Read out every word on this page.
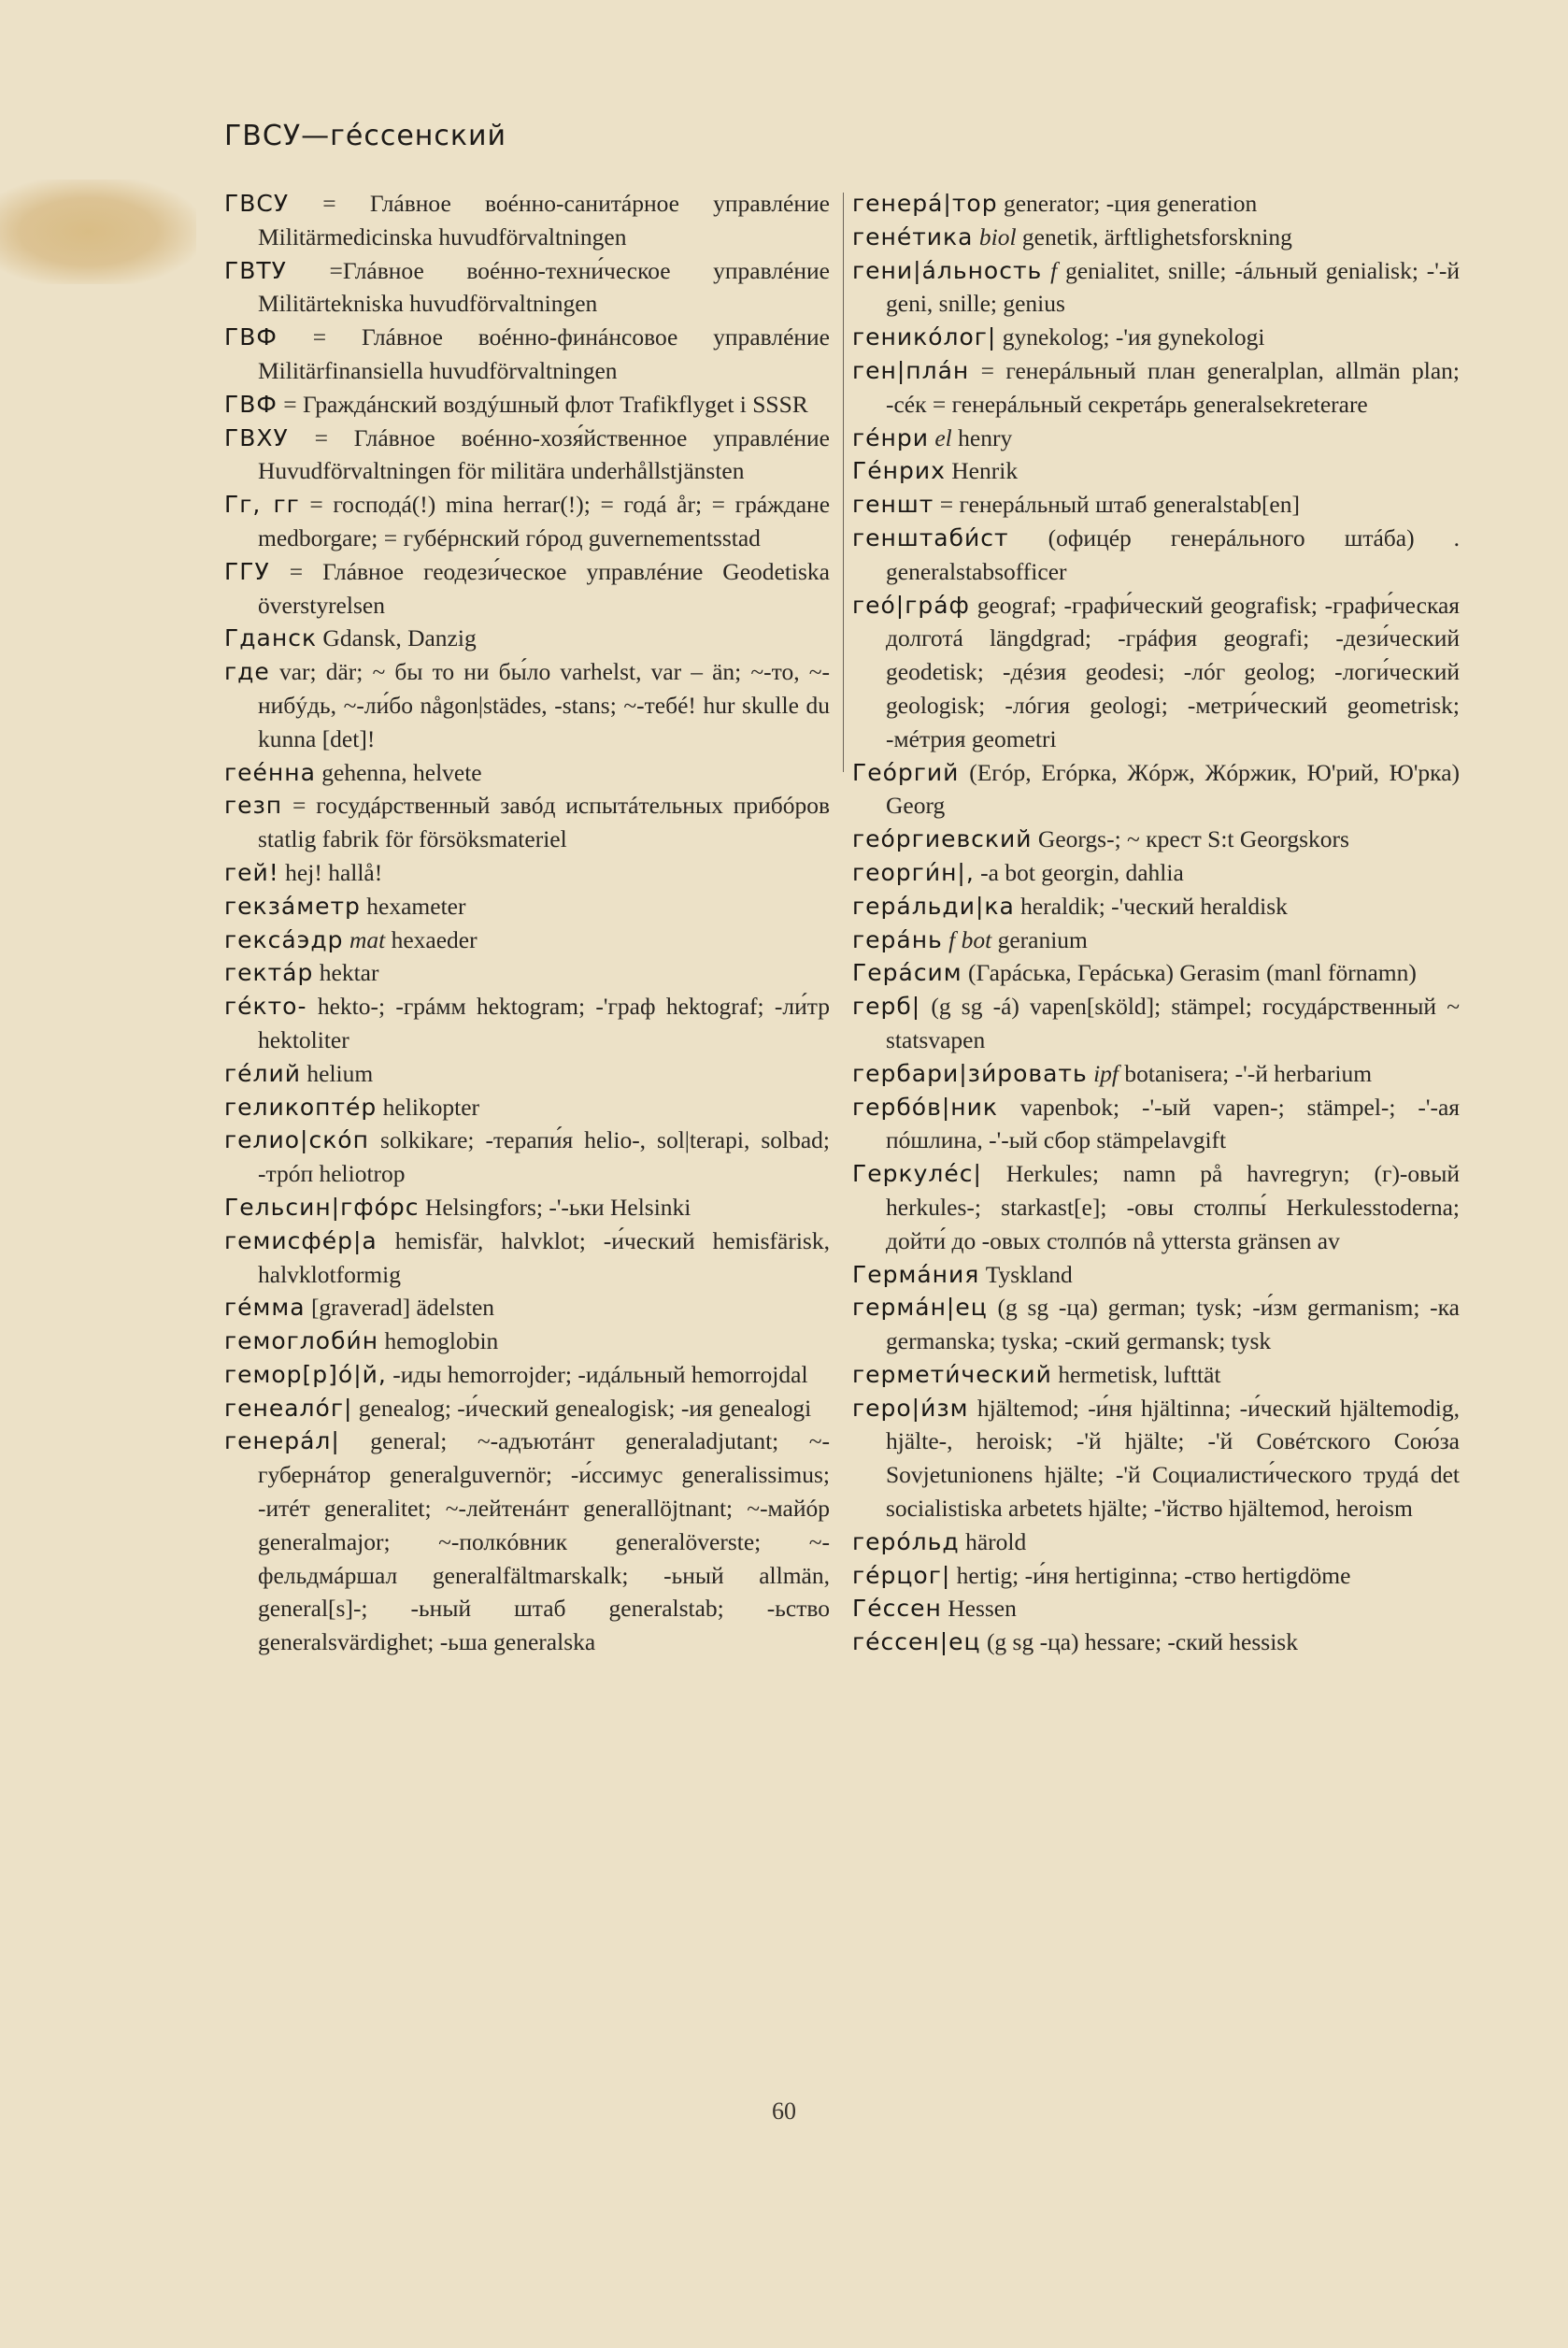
ГВСУ—гéссенский
ГВСУ = Глáвное воéнно-санитáрное управлéние Militärmedicinska huvudförvaltningen
ГВТУ =Глáвное воéнно-техни́ческое управлéние Militärtekniska huvudförvaltningen
ГВФ = Глáвное воéнно-финáнсовое управлéние Militärfinansiella huvudförvaltningen
ГВФ = Граждáнский воздýшный флот Trafikflyget i SSSR
ГВХУ = Глáвное воéнно-хозя́йственное управлéние Huvudförvaltningen för militära underhållstjänsten
Гг, гг = господá(!) mina herrar(!); = годá år; = грáждане medborgare; = губéрнский гóрод guvernementsstad
ГГУ = Глáвное геодези́ческое управлéние Geodetiska överstyrelsen
Гданск Gdansk, Danzig
где var; där; ~ бы то ни бы́ло varhelst, var – än; ~-то, ~-нибýдь, ~-ли́бо någon|städes, -stans; ~-тебé! hur skulle du kunna [det]!
геéнна gehenna, helvete
гезп = госудáрственный завóд испытáтельных прибóров statlig fabrik för försöksmateriel
гей! hej! hallå!
гекзáметр hexameter
гексáэдр mat hexaeder
гектáр hektar
гéкто- hekto-; -грáмм hektogram; -'граф hektograf; -ли́тр hektoliter
гéлий helium
геликоптéр helikopter
гелио|скóп solkikare; -терапи́я helio-, sol|terapi, solbad; -трóп heliotrop
Гельсин|гфóрс Helsingfors; -'-ьки Helsinki
гемисфéр|а hemisfär, halvklot; -и́ческий hemisfärisk, halvklotformig
гéмма [graverad] ädelsten
гемоглоби́н hemoglobin
гемор[р]ó|й, -иды hemorrojder; -идáльный hemorrojdal
генеалóг| genealog; -и́ческий genealogisk; -ия genealogi
генерáл| general; ~-адъютáнт generaladjutant; ~-губернáтор generalguvernör; -и́ссимус generalissimus; -итéт generalitet; ~-лейтенáнт generallöjtnant; ~-майóр generalmajor; ~-полкóвник generalöverste; ~-фельдмáршал generalfältmarskalk; -ьный allmän, general[s]-; -ьный штаб generalstab; -ьство generalsvärdighet; -ьша generalska
генерá|тор generator; -ция generation
гене́тика biol genetik, ärftlighetsforskning
гени|áльность f genialitet, snille; -áльный genialisk; -'-й geni, snille; genius
геникóлог| gynekolog; -'ия gynekologi
ген|плáн = генерáльный план generalplan, allmän plan; -сéк = генерáльный секретáрь generalsekreterare
гéнри el henry
Гéнрих Henrik
геншт = генерáльный штаб generalstab[en]
генштаби́ст (офицéр генерáльного штáба) . generalstabsofficer
геó|грáф geograf; -графи́ческий geografisk; -графи́ческая долготá längdgrad; -грáфия geografi; -дези́ческий geodetisk; -дéзия geodesi; -лóг geolog; -логи́ческий geologisk; -лóгия geologi; -метри́ческий geometrisk; -мéтрия geometri
Геóргий (Егóр, Егóрка, Жóрж, Жóржик, Ю'рий, Ю'рка) Georg
геóргиевский Georgs-; ~ крест S:t Georgskors
георги́н|, -а bot georgin, dahlia
герáльди|ка heraldik; -'ческий heraldisk
герáнь f bot geranium
Герáсим (Гарáська, Герáська) Gerasim (manl förnamn)
герб| (g sg -á) vapen[sköld]; stämpel; госудáрственный ~ statsvapen
гербари|зи́ровать ipf botanisera; -'-й herbarium
гербóв|ник vapenbok; -'-ый vapen-; stämpel-; -'-ая пóшлина, -'-ый сбор stämpelavgift
Геркулéс| Herkules; namn på havregryn; (г)-овый herkules-; starkast[e]; -овы столпы́ Herkulesstoderna; дойти́ до -овых столпóв nå yttersta gränsen av
Гермáния Tyskland
гермáн|ец (g sg -ца) german; tysk; -и́зм germanism; -ка germanska; tyska; -ский germansk; tysk
гермети́ческий hermetisk, lufttät
геро|и́зм hjältemod; -и́ня hjältinna; -и́ческий hjältemodig, hjälte-, heroisk; -'й hjälte; -'й Совéтского Сою́за Sovjetunionens hjälte; -'й Социалисти́ческого трудá det socialistiska arbetets hjälte; -'йство hjältemod, heroism
герóльд härold
гéрцог| hertig; -и́ня hertiginna; -ство hertigdöme
Гéссен Hessen
гéссен|ец (g sg -ца) hessare; -ский hessisk
60
